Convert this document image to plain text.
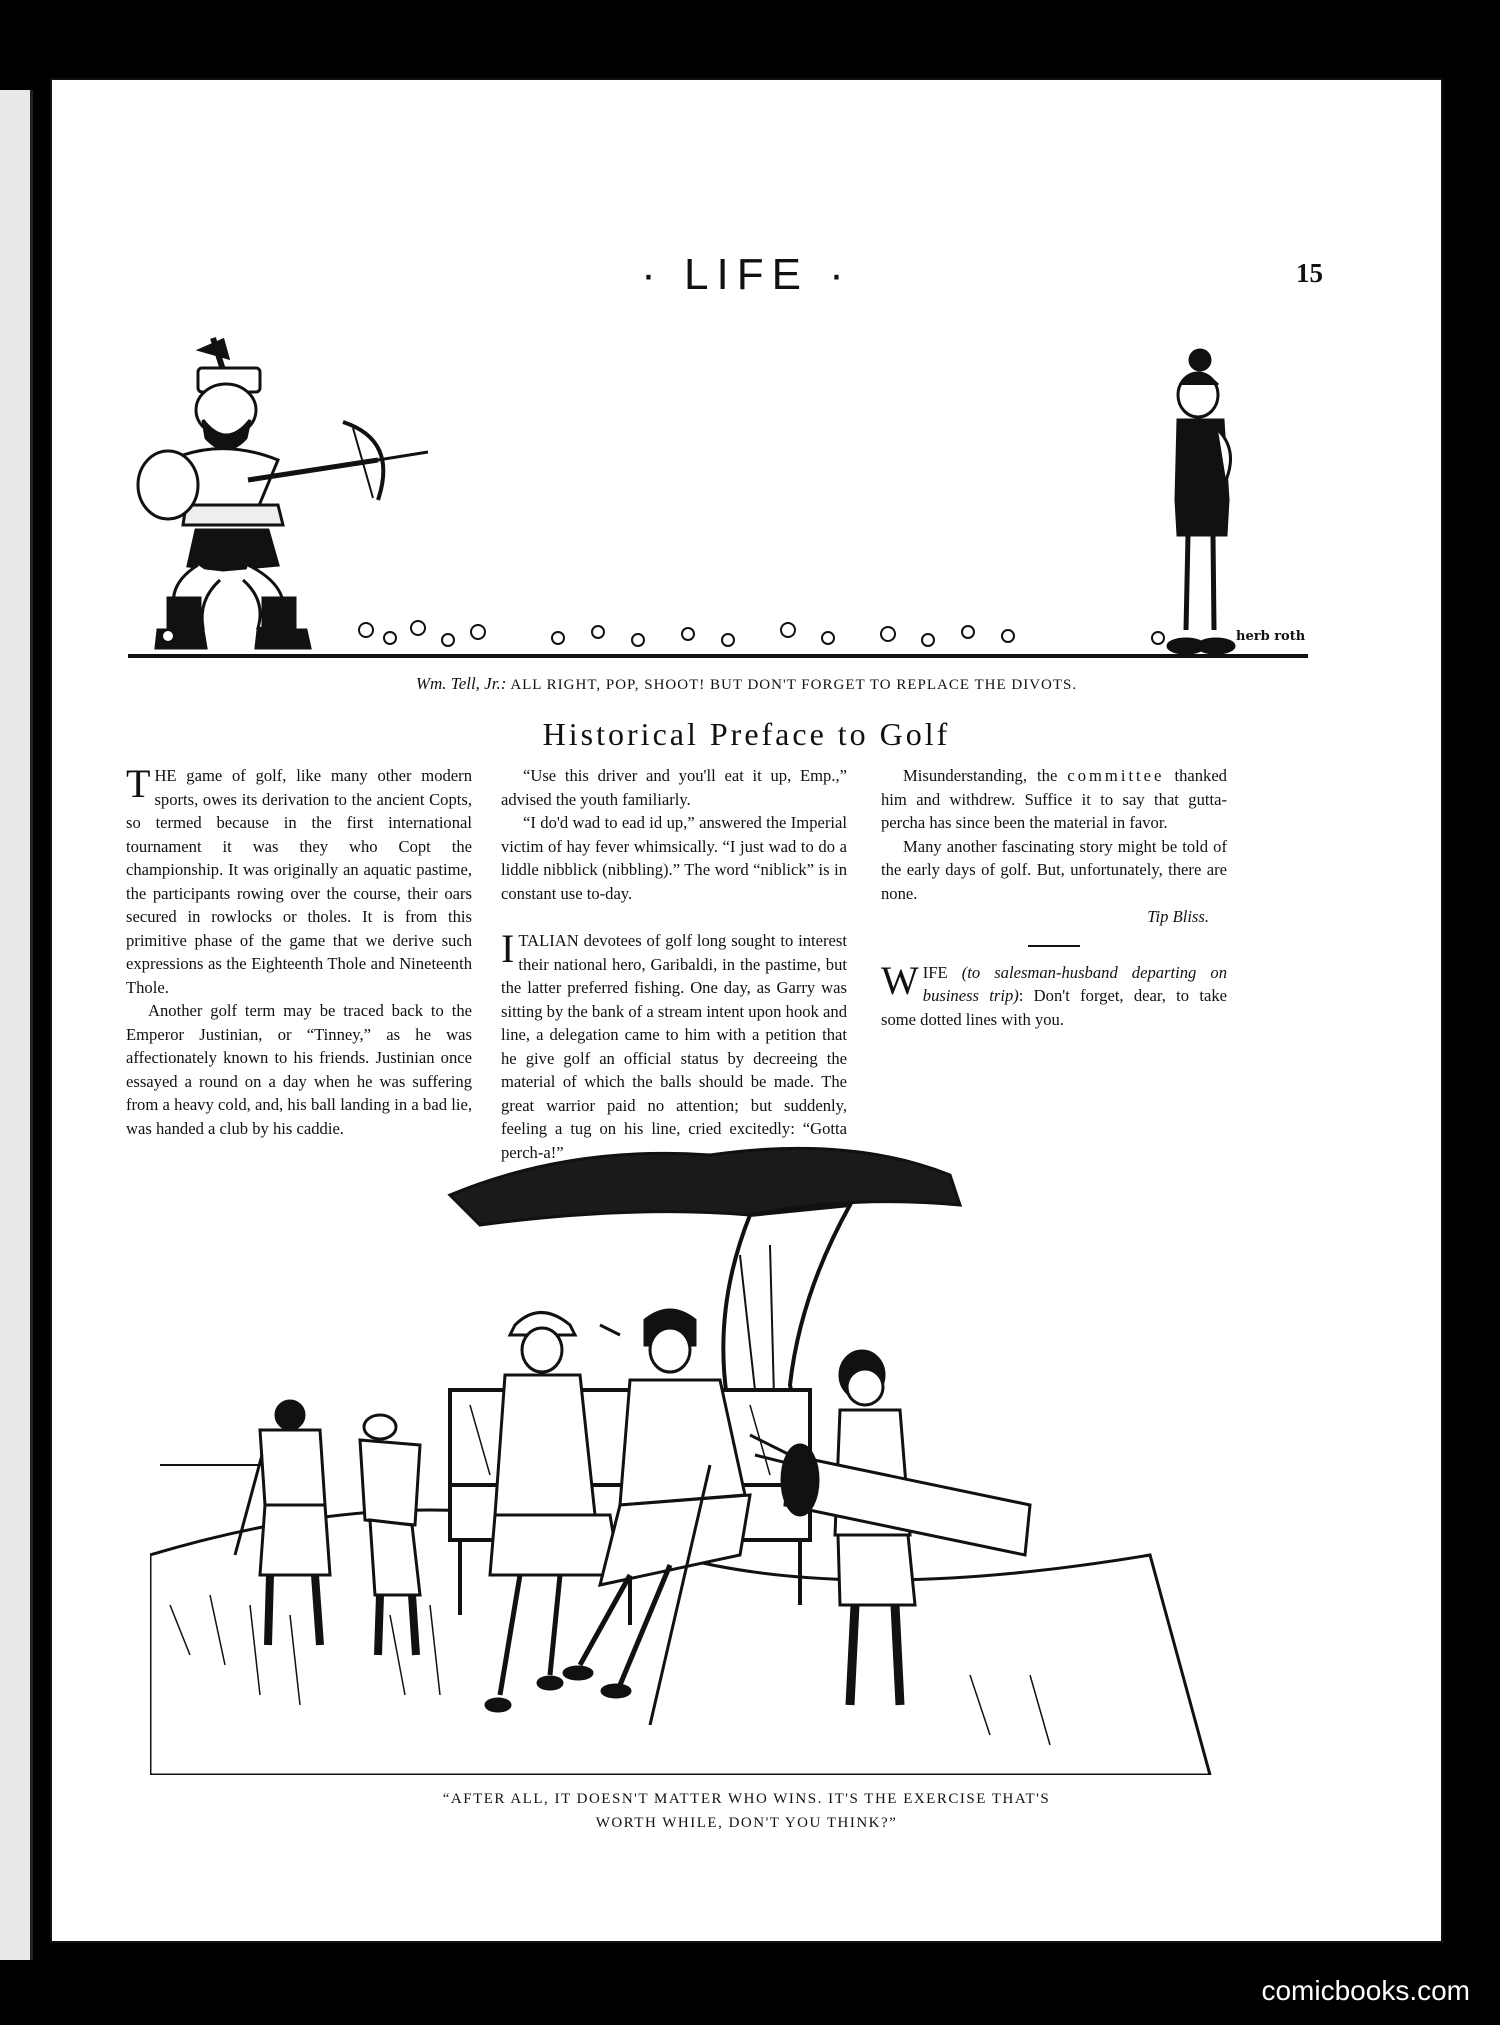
· LIFE ·	15
herb roth
Wm. Tell, Jr.: ALL RIGHT, POP, SHOOT! BUT DON'T FORGET TO REPLACE THE DIVOTS.
Historical Preface to Golf

THE game of golf, like many other modern sports, owes its derivation to the ancient Copts, so termed because in the first international tournament it was they who Copt the championship. It was originally an aquatic pastime, the participants rowing over the course, their oars secured in rowlocks or tholes. It is from this primitive phase of the game that we derive such expressions as the Eighteenth Thole and Nineteenth Thole.

Another golf term may be traced back to the Emperor Justinian, or “Tinney,” as he was affectionately known to his friends. Justinian once essayed a round on a day when he was suffering from a heavy cold, and, his ball landing in a bad lie, was handed a club by his caddie.

“Use this driver and you'll eat it up, Emp.,” advised the youth familiarly.

“I do'd wad to ead id up,” answered the Imperial victim of hay fever whimsically. “I just wad to do a liddle nibblick (nibbling).” The word “niblick” is in constant use to-day.

ITALIAN devotees of golf long sought to interest their national hero, Garibaldi, in the pastime, but the latter preferred fishing. One day, as Garry was sitting by the bank of a stream intent upon hook and line, a delegation came to him with a petition that he give golf an official status by decreeing the material of which the balls should be made. The great warrior paid no attention; but suddenly, feeling a tug on his line, cried excitedly: “Gotta perch-a!”

Misunderstanding, the committee thanked him and withdrew. Suffice it to say that gutta-percha has since been the material in favor.

Many another fascinating story might be told of the early days of golf. But, unfortunately, there are none.

Tip Bliss.

WIFE (to salesman-husband departing on business trip): Don't forget, dear, to take some dotted lines with you.

“AFTER ALL, IT DOESN'T MATTER WHO WINS. IT'S THE EXERCISE THAT'S
WORTH WHILE, DON'T YOU THINK?”
comicbooks.com
